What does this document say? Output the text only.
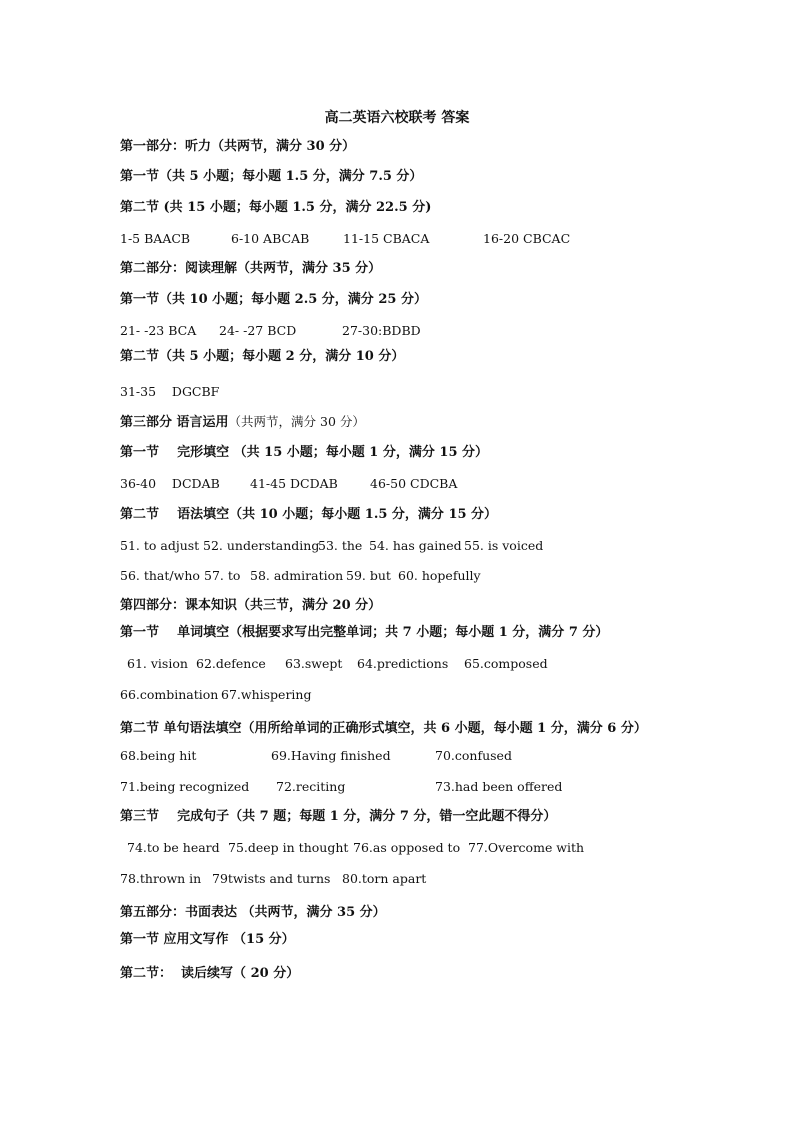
高二英语六校联考 答案
第一部分：听力（共两节，满分 30 分）
第一节（共 5 小题；每小题 1.5 分，满分 7.5 分）
第二节 (共 15 小题；每小题 1.5 分，满分 22.5 分)
1-5 BAACB	6-10 ABCAB	11-15 CBACA	16-20 CBCAC
第二部分：阅读理解（共两节，满分 35 分）
第一节（共 10 小题；每小题 2.5 分，满分 25 分）
21- -23 BCA 24- -27 BCD	27-30:BDBD
第二节（共 5 小题；每小题 2 分，满分 10 分）
31-35    DGCBF
第三部分 语言运用（共两节，满分 30 分）
第一节    完形填空 （共 15 小题；每小题 1 分，满分 15 分）
36-40    DCDAB 41-45 DCDAB	46-50 CDCBA
第二节    语法填空（共 10 小题；每小题 1.5 分，满分 15 分）
51. to adjust 52. understanding
53. the 54. has gained 55. is voiced
56. that/who 57. to 58. admiration 59. but 60. hopefully
第四部分：课本知识（共三节，满分 20 分）
第一节    单词填空（根据要求写出完整单词；共 7 小题；每小题 1 分，满分 7 分）
61. vision 62.defence 63.swept 64.predictions 65.composed
66.combination 67.whispering
第二节 单句语法填空（用所给单词的正确形式填空，共 6 小题，每小题 1 分，满分 6 分）
68.being hit	69.Having finished	70.confused
71.being recognized 72.reciting	73.had been offered
第三节    完成句子（共 7 题；每题 1 分，满分 7 分，错一空此题不得分）
74.to be heard 75.deep in thought 76.as opposed to 77.Overcome with
78.thrown in 79twists and turns 80.torn apart
第五部分：书面表达 （共两节，满分 35 分）
第一节 应用文写作 （15 分）
第二节：  读后续写（ 20 分）
